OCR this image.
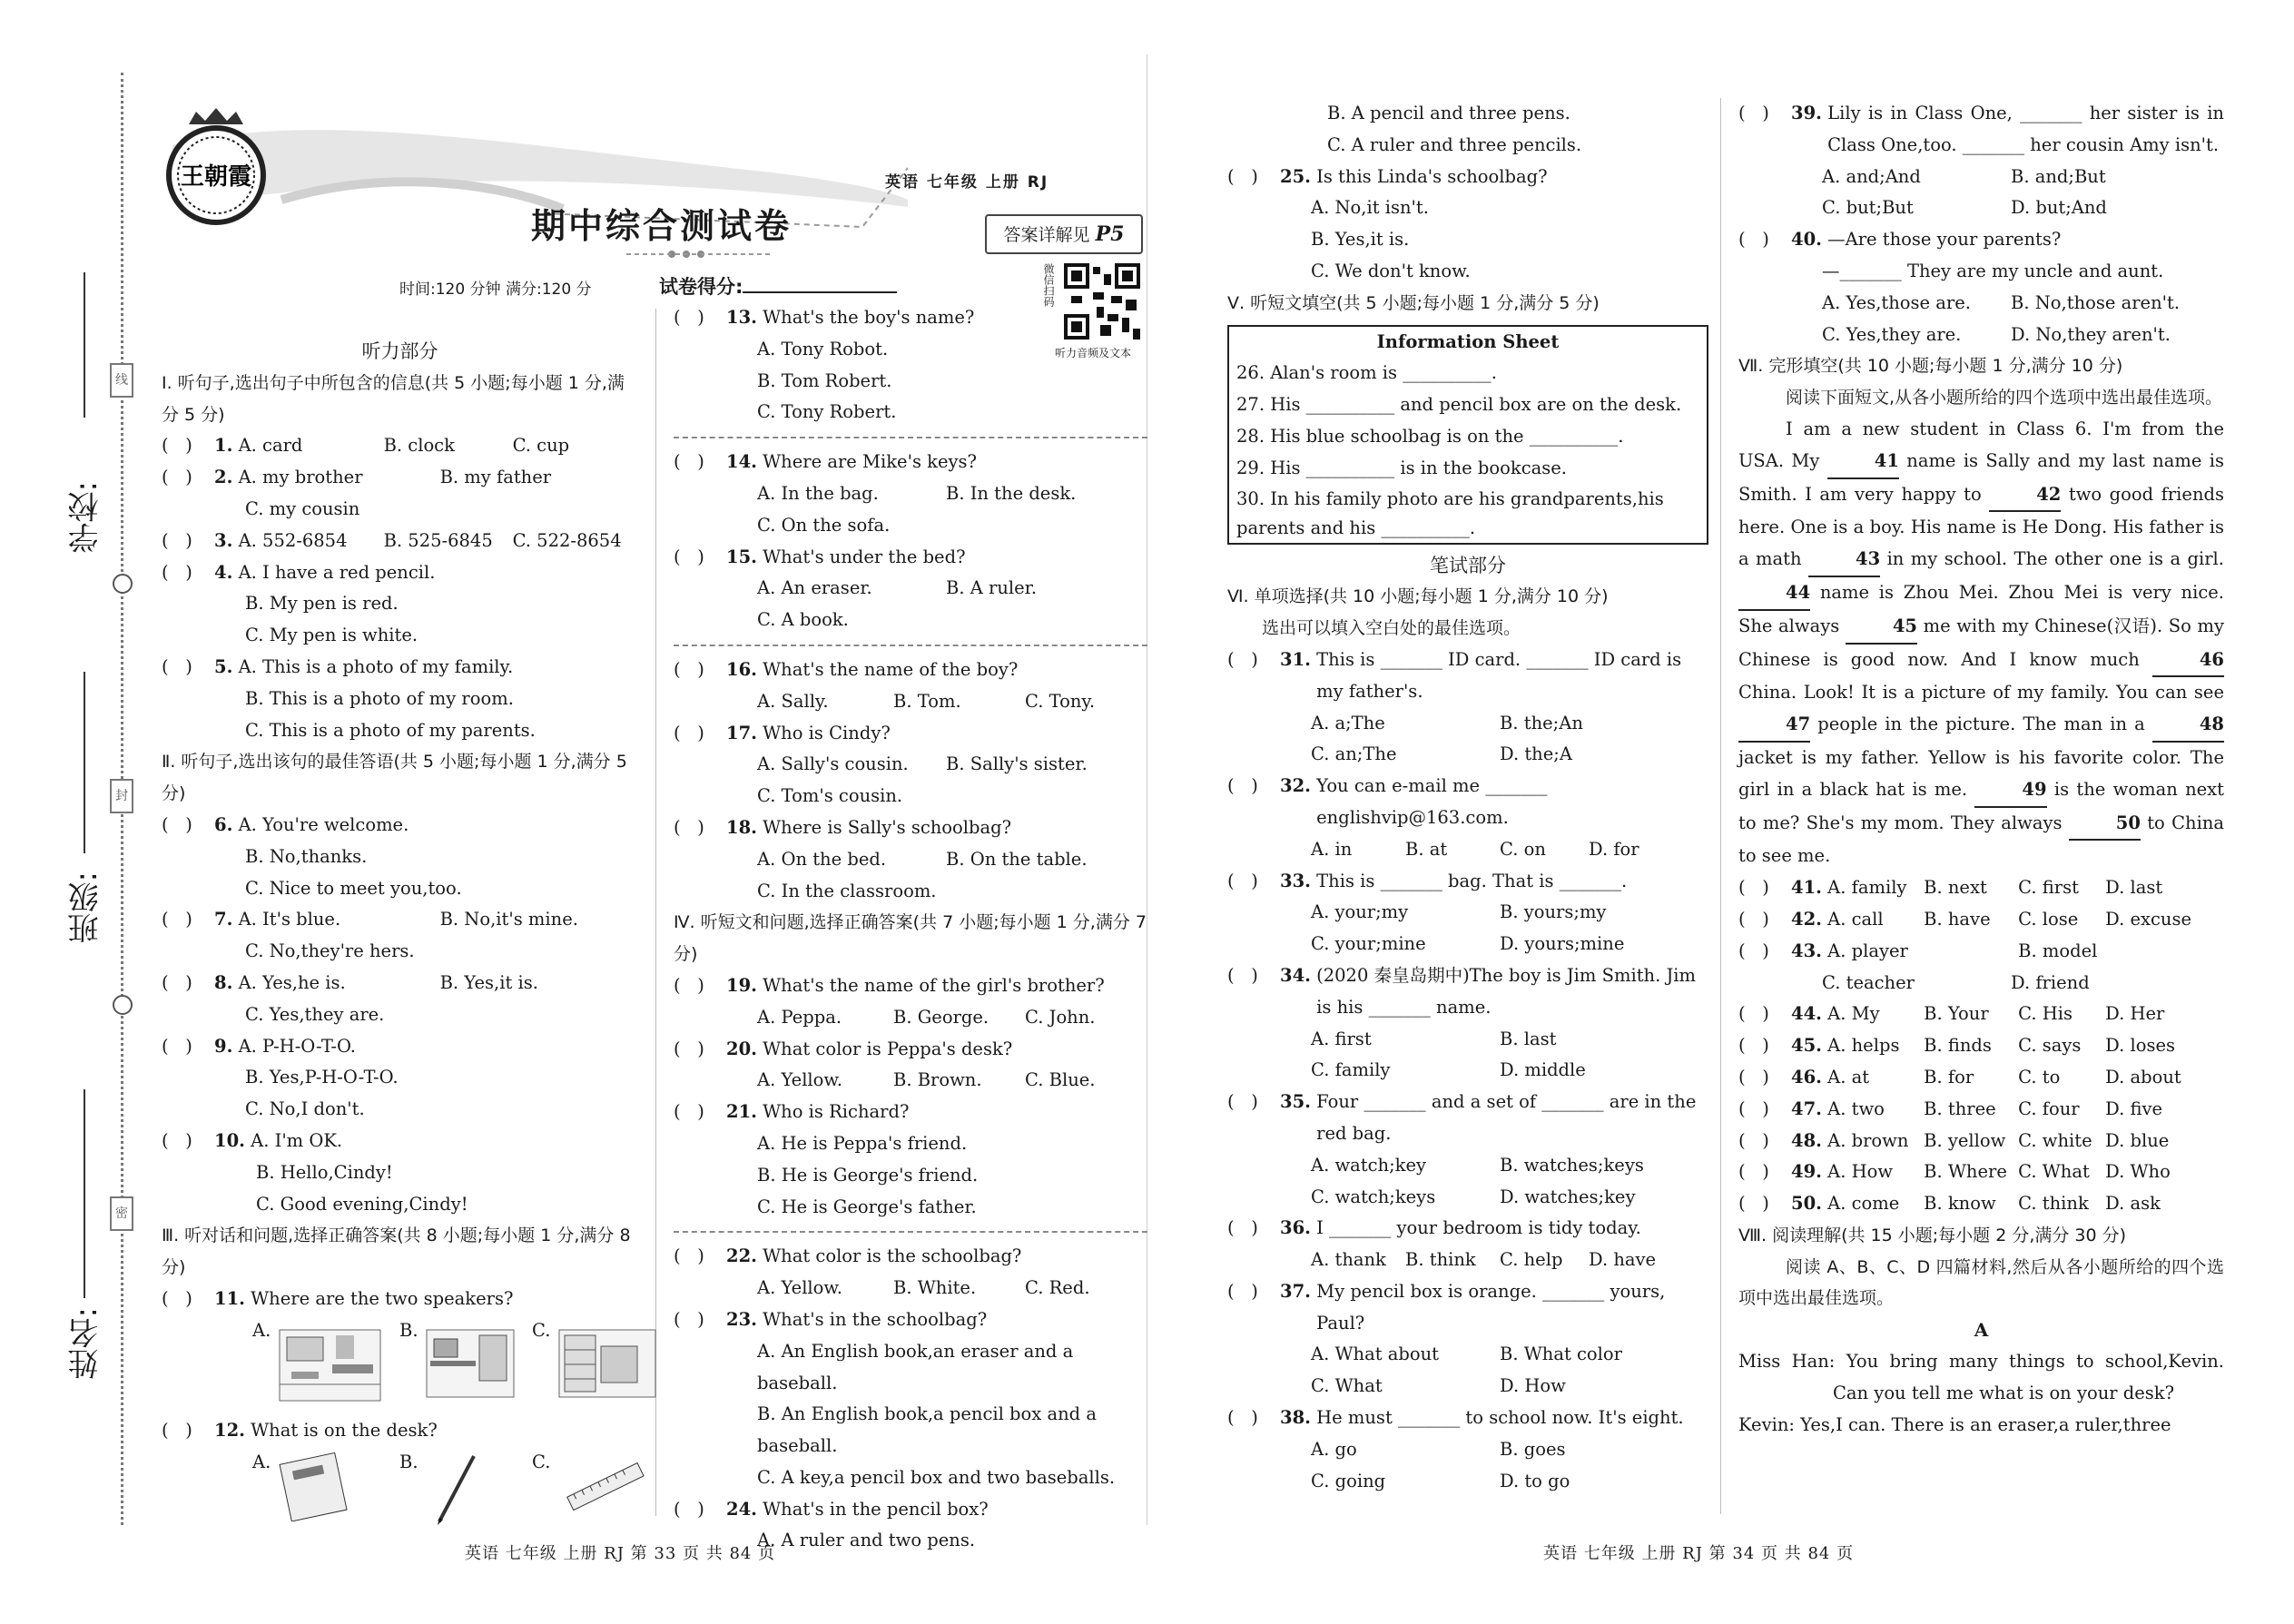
学校:
班级:
姓名:
线
封
密
王朝霞
期中综合测试卷
英语 七年级 上册 RJ
答案详解见 P5
时间:120 分钟 满分:120 分	试卷得分:	微信扫码
听力音频及文本
听力部分
Ⅰ. 听句子,选出句子中所包含的信息(共 5 小题;每小题 1 分,满分 5 分)
(   )	1.
A. card	B. clock	C. cup
(   )	2.
A. my brother	B. my father
C. my cousin
(   )	3.
A. 552-6854	B. 525-6845	C. 522-8654
(   )	4.
A. I have a red pencil.
B. My pen is red.
C. My pen is white.
(   )	5.
A. This is a photo of my family.
B. This is a photo of my room.
C. This is a photo of my parents.
Ⅱ. 听句子,选出该句的最佳答语(共 5 小题;每小题 1 分,满分 5 分)
(   )	6.
A. You're welcome.
B. No,thanks.
C. Nice to meet you,too.
(   )	7.
A. It's blue.	B. No,it's mine.
C. No,they're hers.
(   )	8.
A. Yes,he is.	B. Yes,it is.
C. Yes,they are.
(   )	9.
A. P-H-O-T-O.
B. Yes,P-H-O-T-O.
C. No,I don't.
(   )	10.
A. I'm OK.
B. Hello,Cindy!
C. Good evening,Cindy!
Ⅲ. 听对话和问题,选择正确答案(共 8 小题;每小题 1 分,满分 8 分)
(   )	11.
Where are the two speakers?
A.	B.	C.
(   )	12.
What is on the desk?
A.	B.	C.
(   )	13.
What's the boy's name?
A. Tony Robot.
B. Tom Robert.
C. Tony Robert.
(   )	14.
Where are Mike's keys?
A. In the bag.	B. In the desk.
C. On the sofa.
(   )	15.
What's under the bed?
A. An eraser.	B. A ruler.
C. A book.
(   )	16.
What's the name of the boy?
A. Sally.	B. Tom.	C. Tony.
(   )	17.
Who is Cindy?
A. Sally's cousin.	B. Sally's sister.
C. Tom's cousin.
(   )	18.
Where is Sally's schoolbag?
A. On the bed.	B. On the table.
C. In the classroom.
Ⅳ. 听短文和问题,选择正确答案(共 7 小题;每小题 1 分,满分 7 分)
(   )	19.
What's the name of the girl's brother?
A. Peppa.	B. George.	C. John.
(   )	20.
What color is Peppa's desk?
A. Yellow.	B. Brown.	C. Blue.
(   )	21.
Who is Richard?
A. He is Peppa's friend.
B. He is George's friend.
C. He is George's father.
(   )	22.
What color is the schoolbag?
A. Yellow.	B. White.	C. Red.
(   )	23.
What's in the schoolbag?
A. An English book,an eraser and a baseball.
B. An English book,a pencil box and a baseball.
C. A key,a pencil box and two baseballs.
(   )	24.
What's in the pencil box?
A. A ruler and two pens.
B. A pencil and three pens.
C. A ruler and three pencils.
(   )	25.
Is this Linda's schoolbag?
A. No,it isn't.
B. Yes,it is.
C. We don't know.
Ⅴ. 听短文填空(共 5 小题;每小题 1 分,满分 5 分)
Information Sheet
26. Alan's room is __________.
27. His __________ and pencil box are on the desk.
28. His blue schoolbag is on the __________.
29. His __________ is in the bookcase.
30. In his family photo are his grandparents,his parents and his __________.
笔试部分
Ⅵ. 单项选择(共 10 小题;每小题 1 分,满分 10 分)
选出可以填入空白处的最佳选项。
(   )	31.
This is _______ ID card. _______ ID card is my father's.
A. a;The	B. the;An
C. an;The	D. the;A
(   )	32.
You can e-mail me _______ englishvip@163.com.
A. in	B. at	C. on	D. for
(   )	33.
This is _______ bag. That is _______.
A. your;my	B. yours;my
C. your;mine	D. yours;mine
(   )	34.
(2020 秦皇岛期中)The boy is Jim Smith. Jim is his _______ name.
A. first	B. last
C. family	D. middle
(   )	35.
Four _______ and a set of _______ are in the red bag.
A. watch;key	B. watches;keys
C. watch;keys	D. watches;key
(   )	36.
I _______ your bedroom is tidy today.
A. thank	B. think	C. help	D. have
(   )	37.
My pencil box is orange. _______ yours, Paul?
A. What about	B. What color
C. What	D. How
(   )	38.
He must _______ to school now. It's eight.
A. go	B. goes
C. going	D. to go
(   )	39.
Lily is in Class One, _______ her sister is in Class One,too. _______ her cousin Amy isn't.
A. and;And	B. and;But
C. but;But	D. but;And
(   )	40.
—Are those your parents?
—_______ They are my uncle and aunt.
A. Yes,those are.	B. No,those aren't.
C. Yes,they are.	D. No,they aren't.
Ⅶ. 完形填空(共 10 小题;每小题 1 分,满分 10 分)
阅读下面短文,从各小题所给的四个选项中选出最佳选项。
I am a new student in Class 6. I'm from the USA. My	41 name is Sally and my last name is Smith. I am very happy to	42 two good friends here. One is a boy. His name is He Dong. His father is a math	43 in my school. The other one is a girl. 44 name is Zhou Mei. Zhou Mei is very nice. She always	45 me with my Chinese(汉语). So my Chinese is good now. And I know much	46 China. Look! It is a picture of my family. You can see 47 people in the picture. The man in a	48 jacket is my father. Yellow is his favorite color. The girl in a black hat is me.	49 is the woman next to me? She's my mom. They always	50 to China to see me.
(   )	41.
A. family B. next	C. first	D. last
(   )	42.
A. call	B. have	C. lose	D. excuse
(   )	43.
A. player	B. model
C. teacher	D. friend
(   )	44.
A. My	B. Your	C. His	D. Her
(   )	45.
A. helps	B. finds	C. says	D. loses
(   )	46.
A. at	B. for	C. to	D. about
(   )	47.
A. two	B. three	C. four	D. five
(   )	48.
A. brown B. yellow C. white D. blue
(   )	49.
A. How	B. Where C. What D. Who
(   )	50.
A. come	B. know	C. think D. ask
Ⅷ. 阅读理解(共 15 小题;每小题 2 分,满分 30 分)
阅读 A、B、C、D 四篇材料,然后从各小题所给的四个选项中选出最佳选项。
A
Miss Han: You bring many things to school,Kevin. Can you tell me what is on your desk?
Kevin: Yes,I can. There is an eraser,a ruler,three
英语 七年级 上册 RJ 第 33 页 共 84 页	英语 七年级 上册 RJ 第 34 页 共 84 页
